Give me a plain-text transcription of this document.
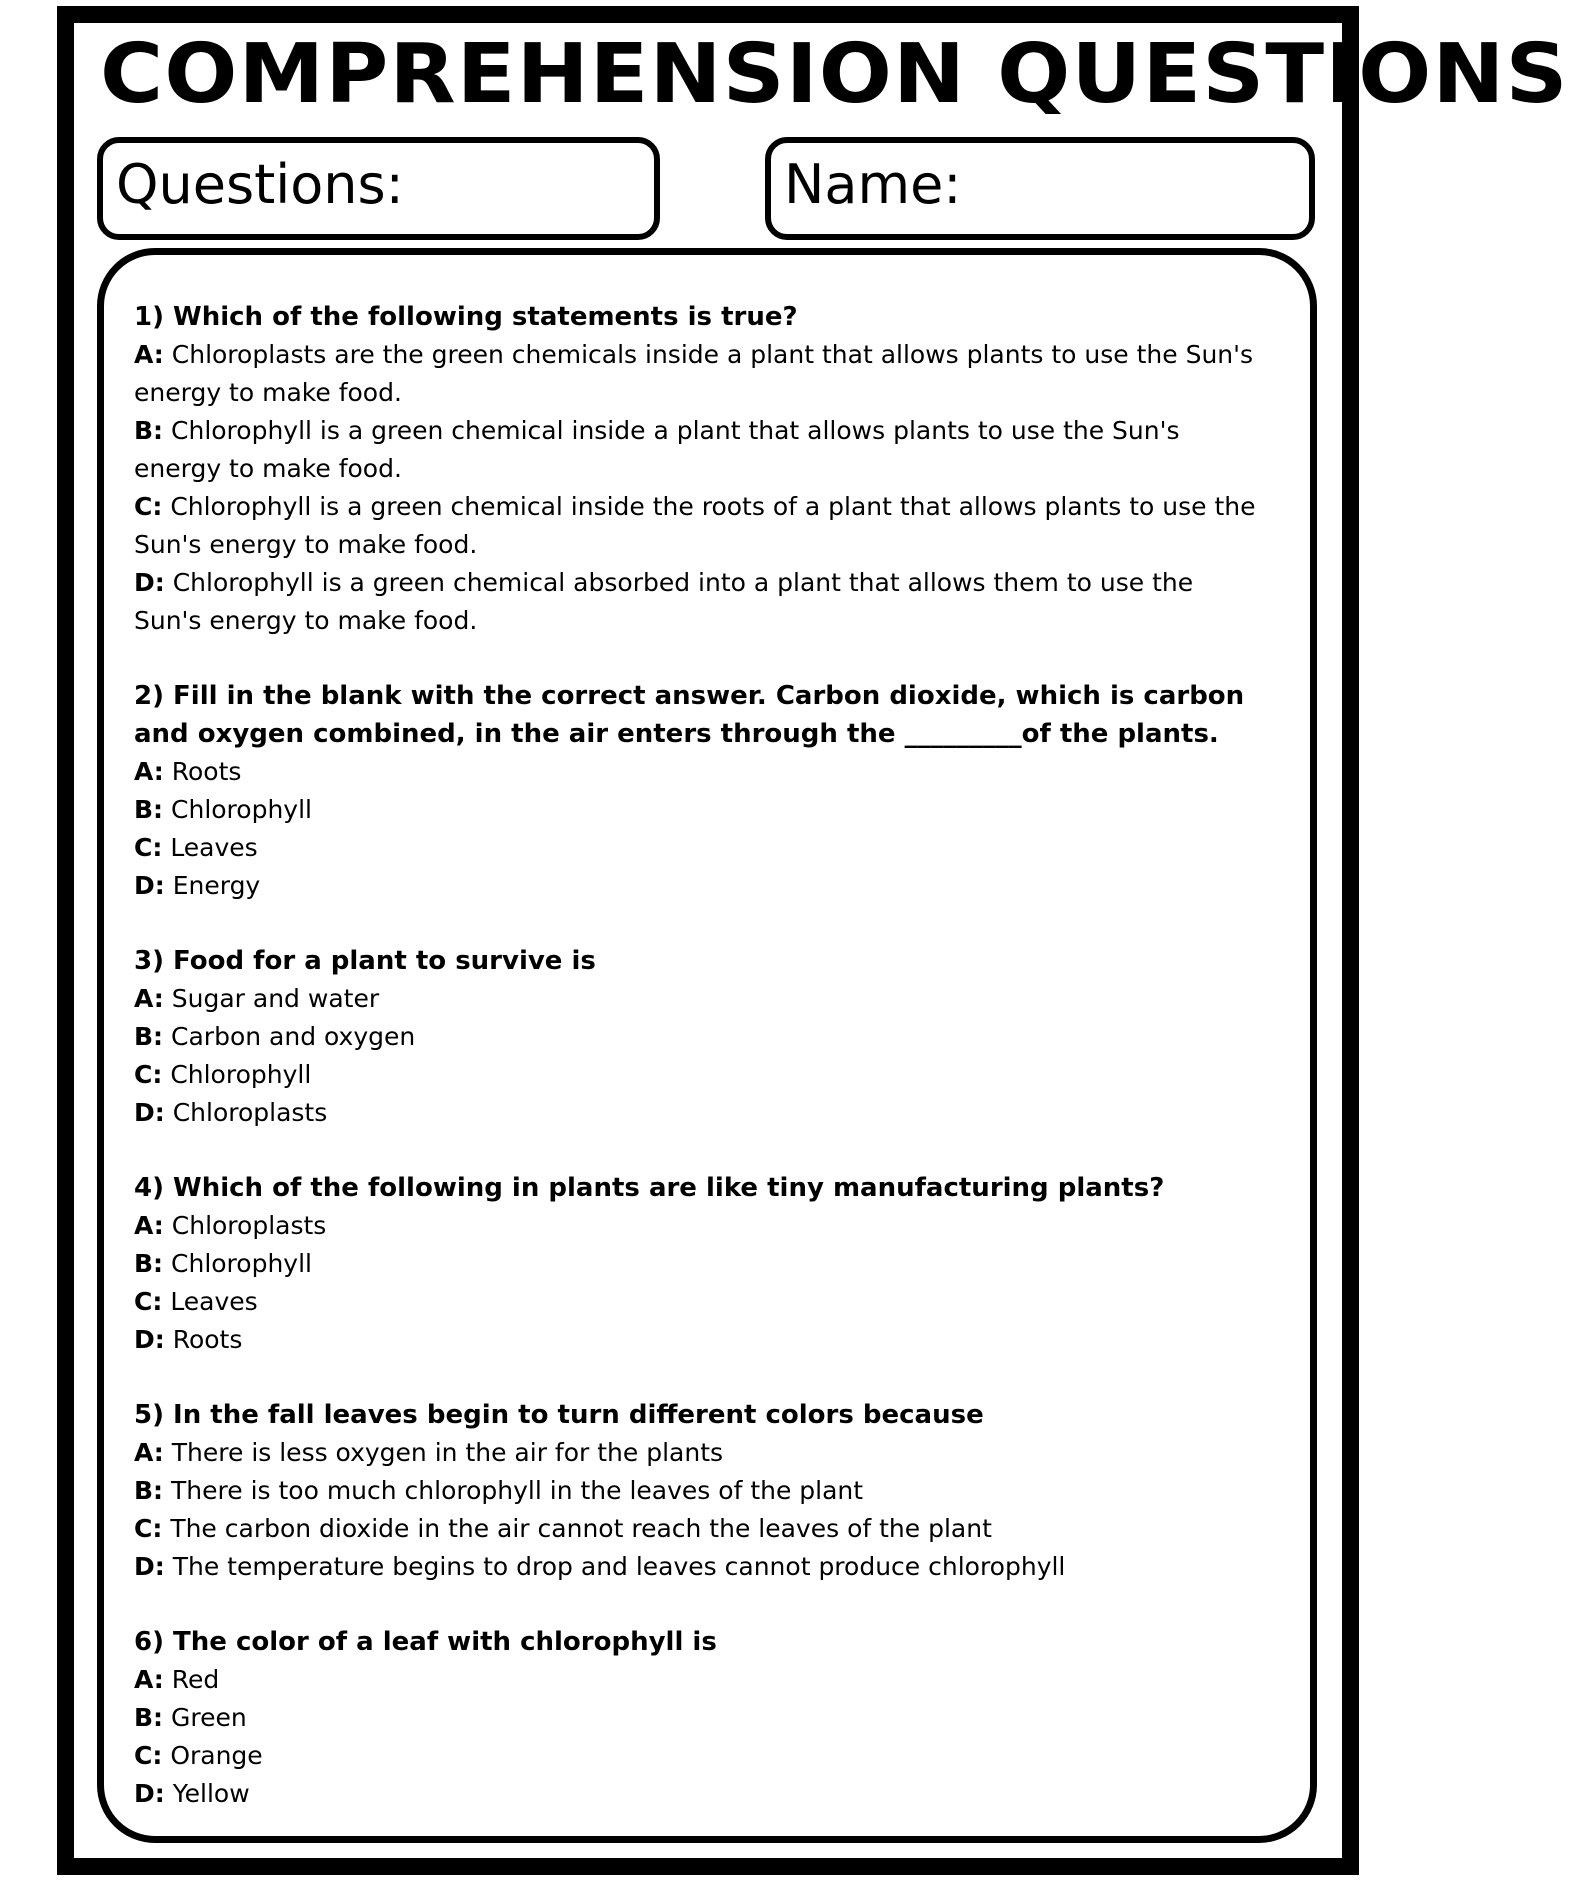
COMPREHENSION QUESTIONS
Questions:	Name:
1) Which of the following statements is true?
A: Chloroplasts are the green chemicals inside a plant that allows plants to use the Sun's energy to make food.
B: Chlorophyll is a green chemical inside a plant that allows plants to use the Sun's energy to make food.
C: Chlorophyll is a green chemical inside the roots of a plant that allows plants to use the Sun's energy to make food.
D: Chlorophyll is a green chemical absorbed into a plant that allows them to use the Sun's energy to make food.
2) Fill in the blank with the correct answer. Carbon dioxide, which is carbon and oxygen combined, in the air enters through the _________of the plants.
A: Roots
B: Chlorophyll
C: Leaves
D: Energy
3) Food for a plant to survive is
A: Sugar and water
B: Carbon and oxygen
C: Chlorophyll
D: Chloroplasts
4) Which of the following in plants are like tiny manufacturing plants?
A: Chloroplasts
B: Chlorophyll
C: Leaves
D: Roots
5) In the fall leaves begin to turn different colors because
A: There is less oxygen in the air for the plants
B: There is too much chlorophyll in the leaves of the plant
C: The carbon dioxide in the air cannot reach the leaves of the plant
D: The temperature begins to drop and leaves cannot produce chlorophyll
6) The color of a leaf with chlorophyll is
A: Red
B: Green
C: Orange
D: Yellow
